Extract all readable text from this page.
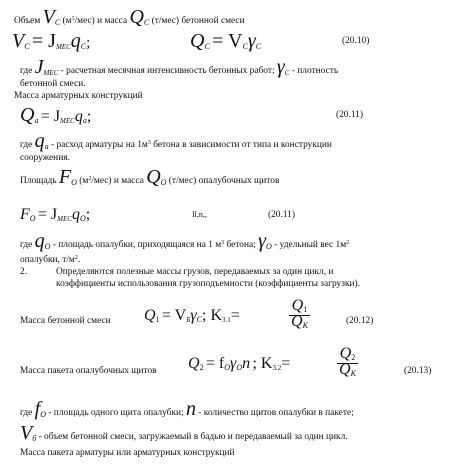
Объем VC $(м^3/мес)$ и масса QC (т/мес) бетонной смеси
VC = $J_{МЕС}qC$;	QC = VCγC
(20.10)
где $J_{МЕС}$ - расчетная месячная интенсивность бетонных работ; $\gamma_С$ - плотность
бетонной смеси.
Масса арматурных конструкций
$Qa = J_{МЕС}qa$;	(20.11)
где qa - расход арматуры на $1м^3$ бетона в зависимости от типа и конструкции
сооружения.
Площадь FO $(м^2/мес)$ и масса QO (т/мес) опалубочных щитов
FO = $J_{МЕС}qO$;	Il,n,,	(20.11)
где qO - площадь опалубки, приходящаяся на 1 $м^3$ бетона; γO - удельный вес $1м^2$
опалубки, $т/м^2$.
2.	Определяются полезные массы грузов, передаваемых за один цикл, и
коэффициенты использования грузоподъемности (коэффициенты загрузки).
Масса бетонной смеси $Q1 = V_Б\gamma C$; $K_{3.1}=$	$\frac{Q1}{QK}$	(20.12)
Масса пакета опалубочных щитов Q2 = fOγOn ; $K_{3.2}=$	$\frac{Q2}{QK}$	(20.13)
где fO - площадь одного щита опалубки; n - количество щитов опалубки в пакете;
Vб - объем бетонной смеси, загружаемый в бадью и передаваемый за один цикл.
Масса пакета арматуры или арматурных конструкций
